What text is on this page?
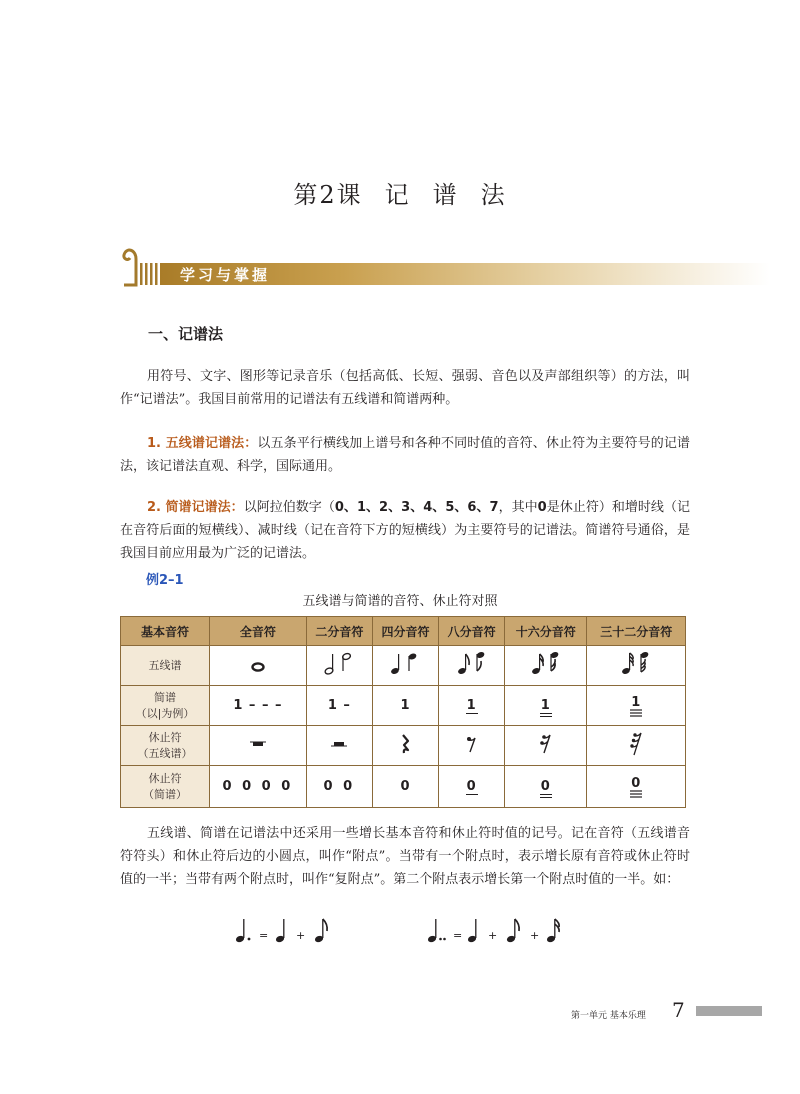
第2课 记 谱 法
学习与掌握
一、记谱法
用符号、文字、图形等记录音乐（包括高低、长短、强弱、音色以及声部组织等）的方法，叫作“记谱法”。我国目前常用的记谱法有五线谱和简谱两种。
1. 五线谱记谱法：以五条平行横线加上谱号和各种不同时值的音符、休止符为主要符号的记谱法，该记谱法直观、科学，国际通用。
2. 简谱记谱法：以阿拉伯数字（0、1、2、3、4、5、6、7，其中0是休止符）和增时线（记在音符后面的短横线）、减时线（记在音符下方的短横线）为主要符号的记谱法。简谱符号通俗，是我国目前应用最为广泛的记谱法。
例2–1
五线谱与简谱的音符、休止符对照
基本音符	全音符	二分音符	四分音符	八分音符	十六分音符	三十二分音符
五线谱						

简谱
（以|为例）	1 – – –	1 –	1	1	1	1

休止符
（五线谱）

休止符
（简谱）	0 0 0 0	0 0	0	0	0	0
五线谱、简谱在记谱法中还采用一些增长基本音符和休止符时值的记号。记在音符（五线谱音符符头）和休止符后边的小圆点，叫作“附点”。当带有一个附点时，表示增长原有音符或休止符时值的一半；当带有两个附点时，叫作“复附点”。第二个附点表示增长第一个附点时值的一半。如：
=	+	= +	+
第一单元 基本乐理 7
